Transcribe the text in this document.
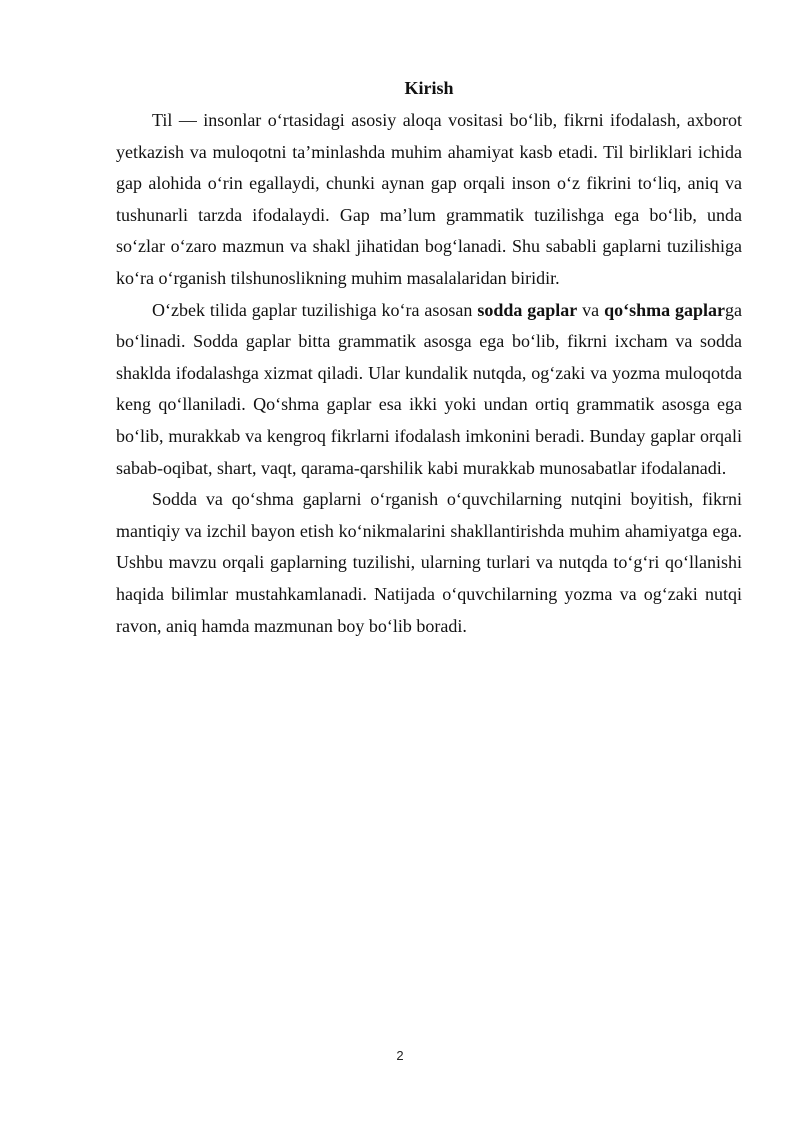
Kirish

Til — insonlar o‘rtasidagi asosiy aloqa vositasi bo‘lib, fikrni ifodalash, axborot yetkazish va muloqotni ta’minlashda muhim ahamiyat kasb etadi. Til birliklari ichida gap alohida o‘rin egallaydi, chunki aynan gap orqali inson o‘z fikrini to‘liq, aniq va tushunarli tarzda ifodalaydi. Gap ma’lum grammatik tuzilishga ega bo‘lib, unda so‘zlar o‘zaro mazmun va shakl jihatidan bog‘lanadi. Shu sababli gaplarni tuzilishiga ko‘ra o‘rganish tilshunoslikning muhim masalalaridan biridir.

O‘zbek tilida gaplar tuzilishiga ko‘ra asosan sodda gaplar va qo‘shma gaplarga bo‘linadi. Sodda gaplar bitta grammatik asosga ega bo‘lib, fikrni ixcham va sodda shaklda ifodalashga xizmat qiladi. Ular kundalik nutqda, og‘zaki va yozma muloqotda keng qo‘llaniladi. Qo‘shma gaplar esa ikki yoki undan ortiq grammatik asosga ega bo‘lib, murakkab va kengroq fikrlarni ifodalash imkonini beradi. Bunday gaplar orqali sabab-oqibat, shart, vaqt, qarama-qarshilik kabi murakkab munosabatlar ifodalanadi.

Sodda va qo‘shma gaplarni o‘rganish o‘quvchilarning nutqini boyitish, fikrni mantiqiy va izchil bayon etish ko‘nikmalarini shakllantirishda muhim ahamiyatga ega. Ushbu mavzu orqali gaplarning tuzilishi, ularning turlari va nutqda to‘g‘ri qo‘llanishi haqida bilimlar mustahkamlanadi. Natijada o‘quvchilarning yozma va og‘zaki nutqi ravon, aniq hamda mazmunan boy bo‘lib boradi.

2
